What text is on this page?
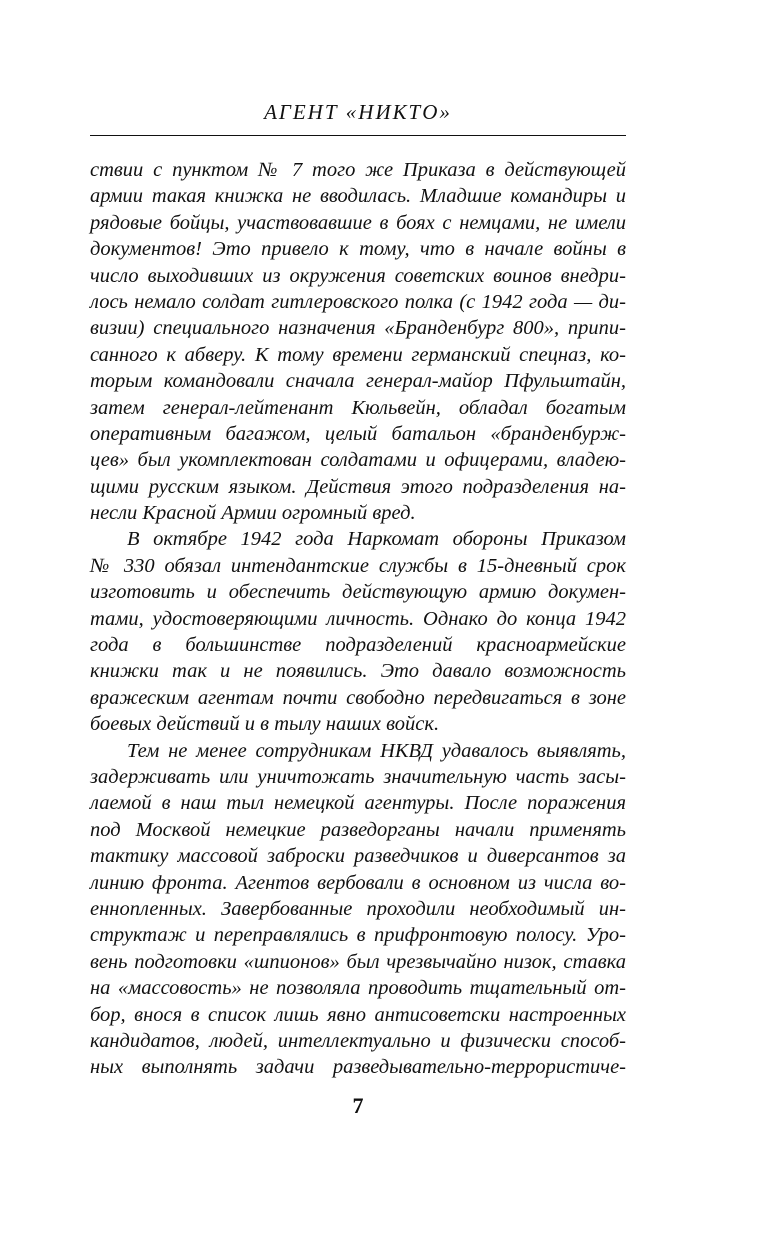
АГЕНТ «НИКТО»
ствии с пунктом № 7 того же Приказа в действующей
армии такая книжка не вводилась. Младшие командиры и
рядовые бойцы, участвовавшие в боях с немцами, не имели
документов! Это привело к тому, что в начале войны в
число выходивших из окружения советских воинов внедри-
лось немало солдат гитлеровского полка (с 1942 года — ди-
визии) специального назначения «Бранденбург 800», припи-
санного к абверу. К тому времени германский спецназ, ко-
торым командовали сначала генерал-майор Пфульштайн,
затем генерал-лейтенант Кюльвейн, обладал богатым
оперативным багажом, целый батальон «бранденбурж-
цев» был укомплектован солдатами и офицерами, владею-
щими русским языком. Действия этого подразделения на-
несли Красной Армии огромный вред.
В октябре 1942 года Наркомат обороны Приказом
№ 330 обязал интендантские службы в 15-дневный срок
изготовить и обеспечить действующую армию докумен-
тами, удостоверяющими личность. Однако до конца 1942
года в большинстве подразделений красноармейские
книжки так и не появились. Это давало возможность
вражеским агентам почти свободно передвигаться в зоне
боевых действий и в тылу наших войск.
Тем не менее сотрудникам НКВД удавалось выявлять,
задерживать или уничтожать значительную часть засы-
лаемой в наш тыл немецкой агентуры. После поражения
под Москвой немецкие разведорганы начали применять
тактику массовой заброски разведчиков и диверсантов за
линию фронта. Агентов вербовали в основном из числа во-
еннопленных. Завербованные проходили необходимый ин-
структаж и переправлялись в прифронтовую полосу. Уро-
вень подготовки «шпионов» был чрезвычайно низок, ставка
на «массовость» не позволяла проводить тщательный от-
бор, внося в список лишь явно антисоветски настроенных
кандидатов, людей, интеллектуально и физически способ-
ных выполнять задачи разведывательно-террористиче-
7
